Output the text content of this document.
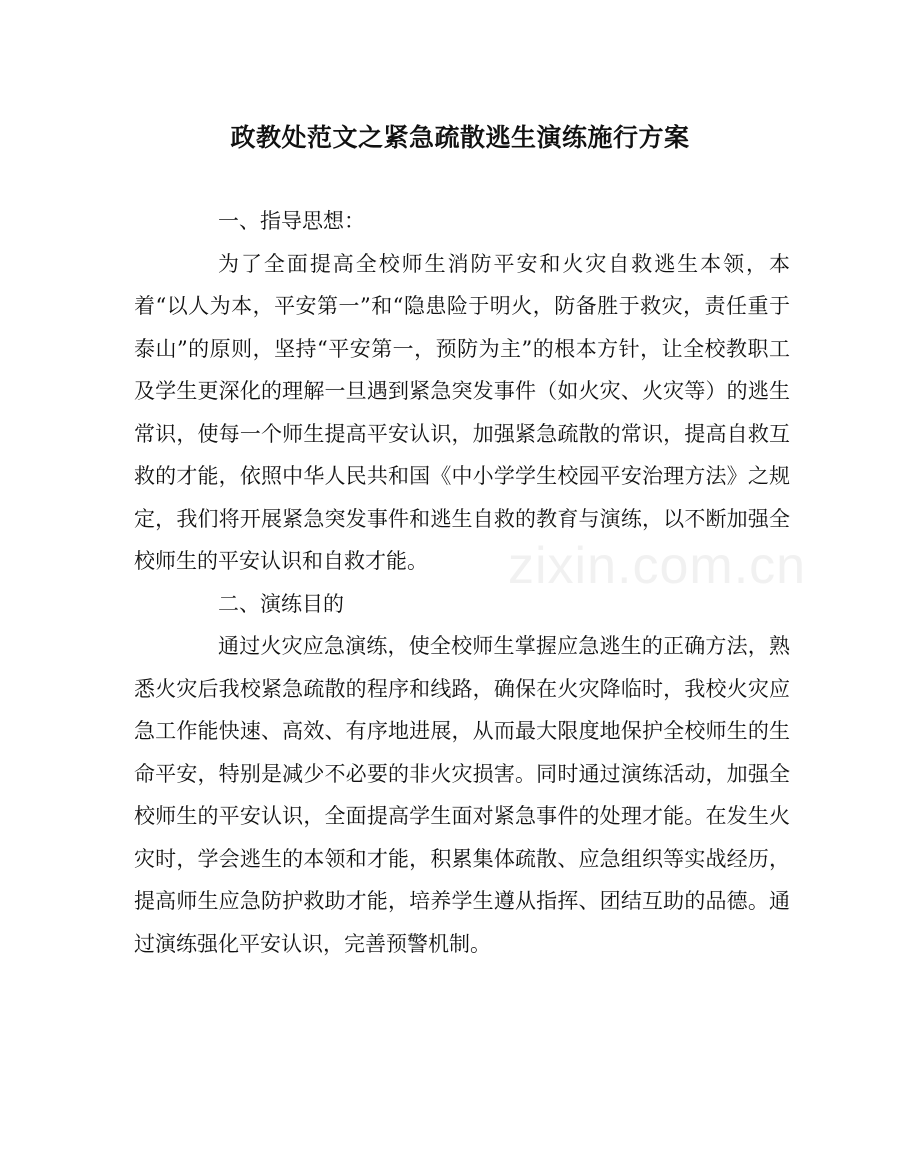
政教处范文之紧急疏散逃生演练施行方案

一、指导思想：

为了全面提高全校师生消防平安和火灾自救逃生本领，本着“以人为本，平安第一”和“隐患险于明火，防备胜于救灾，责任重于泰山”的原则，坚持“平安第一，预防为主”的根本方针，让全校教职工及学生更深化的理解一旦遇到紧急突发事件（如火灾、火灾等）的逃生常识，使每一个师生提高平安认识，加强紧急疏散的常识，提高自救互救的才能，依照中华人民共和国《中小学学生校园平安治理方法》之规定，我们将开展紧急突发事件和逃生自救的教育与演练，以不断加强全校师生的平安认识和自救才能。

二、演练目的

通过火灾应急演练，使全校师生掌握应急逃生的正确方法，熟悉火灾后我校紧急疏散的程序和线路，确保在火灾降临时，我校火灾应急工作能快速、高效、有序地进展，从而最大限度地保护全校师生的生命平安，特别是减少不必要的非火灾损害。同时通过演练活动，加强全校师生的平安认识，全面提高学生面对紧急事件的处理才能。在发生火灾时，学会逃生的本领和才能，积累集体疏散、应急组织等实战经历，提高师生应急防护救助才能，培养学生遵从指挥、团结互助的品德。通过演练强化平安认识，完善预警机制。

zixin.com.cn
